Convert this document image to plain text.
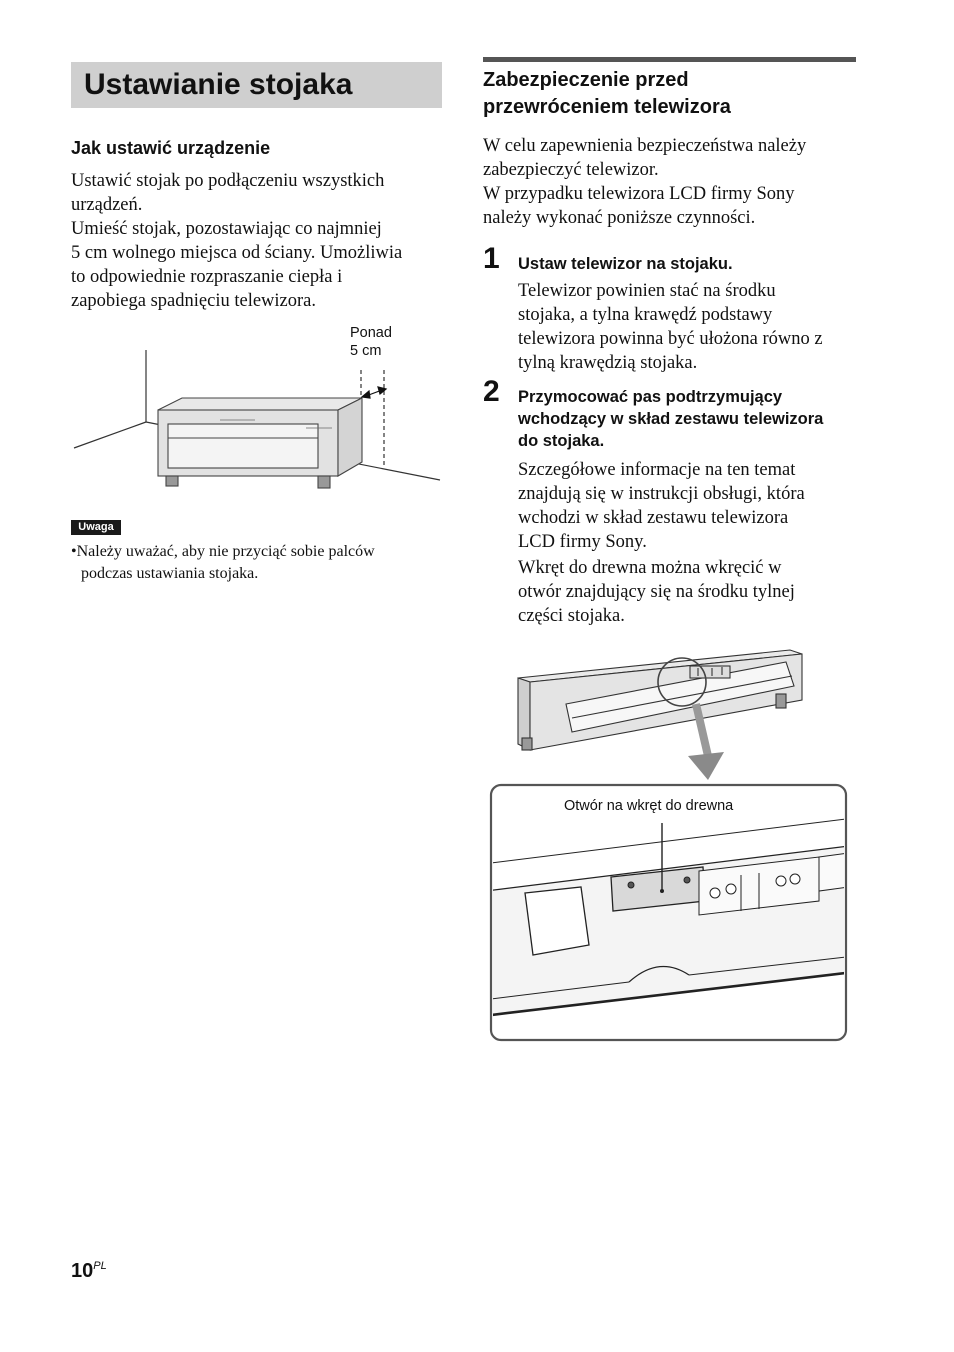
Ustawianie stojaka
Jak ustawić urządzenie
Ustawić stojak po podłączeniu wszystkich
urządzeń.
Umieść stojak, pozostawiając co najmniej
5 cm wolnego miejsca od ściany. Umożliwia
to odpowiednie rozpraszanie ciepła i
zapobiega spadnięciu telewizora.
Ponad
5 cm
Uwaga
•Należy uważać, aby nie przyciąć sobie palców
podczas ustawiania stojaka.
Zabezpieczenie przed
przewróceniem telewizora
W celu zapewnienia bezpieczeństwa należy
zabezpieczyć telewizor.
W przypadku telewizora LCD firmy Sony
należy wykonać poniższe czynności.
1 Ustaw telewizor na stojaku.
Telewizor powinien stać na środku
stojaka, a tylna krawędź podstawy
telewizora powinna być ułożona równo z
tylną krawędzią stojaka.
2 Przymocować pas podtrzymujący
wchodzący w skład zestawu telewizora
do stojaka.
Szczegółowe informacje na ten temat
znajdują się w instrukcji obsługi, która
wchodzi w skład zestawu telewizora
LCD firmy Sony.
Wkręt do drewna można wkręcić w
otwór znajdujący się na środku tylnej
części stojaka.
Otwór na wkręt do drewna
$10^{PL}$
